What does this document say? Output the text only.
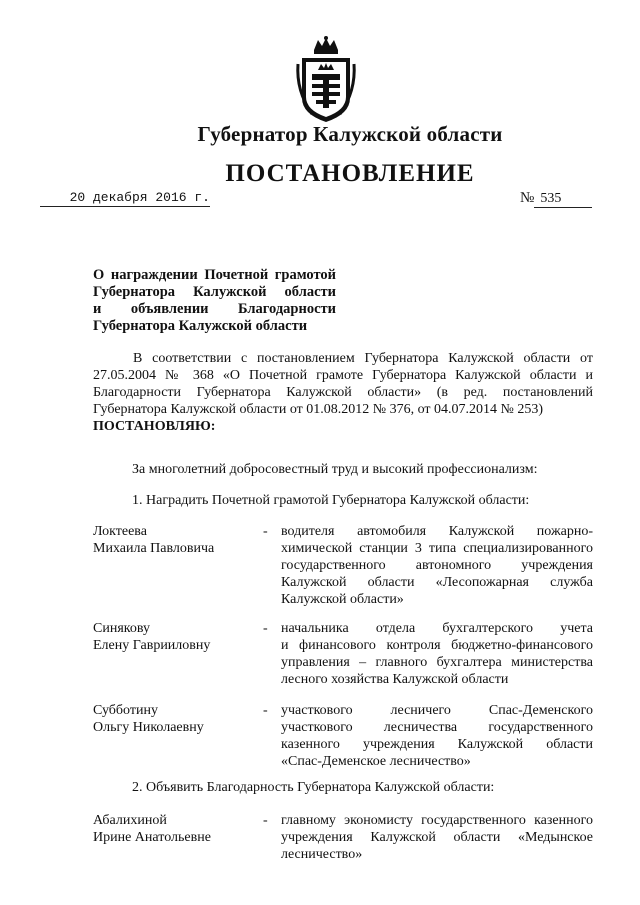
Губернатор Калужской области
ПОСТАНОВЛЕНИЕ
20 декабря 2016 г.	№ 535
О награждении Почетной грамотой
Губернатора Калужской области
и объявлении Благодарности
Губернатора Калужской области
В соответствии с постановлением Губернатора Калужской области от 27.05.2004 № 368 «О Почетной грамоте Губернатора Калужской области и Благодарности Губернатора Калужской области» (в ред. постановлений Губернатора Калужской области от 01.08.2012 № 376, от 04.07.2014 № 253)
ПОСТАНОВЛЯЮ:
За многолетний добросовестный труд и высокий профессионализм:
1. Наградить Почетной грамотой Губернатора Калужской области:
Локтеева
Михаила Павловича
- водителя автомобиля Калужской пожарно-
химической станции 3 типа специализированного
государственного автономного учреждения
Калужской области «Лесопожарная служба
Калужской области»
Синякову
Елену Гаврииловну
- начальника отдела бухгалтерского учета
и финансового контроля бюджетно-финансового
управления – главного бухгалтера министерства
лесного хозяйства Калужской области
Субботину
Ольгу Николаевну
- участкового лесничего Спас-Деменского
участкового лесничества государственного
казенного учреждения Калужской области
«Спас-Деменское лесничество»
2. Объявить Благодарность Губернатора Калужской области:
Абалихиной
Ирине Анатольевне
- главному экономисту государственного казенного
учреждения Калужской области «Медынское
лесничество»
